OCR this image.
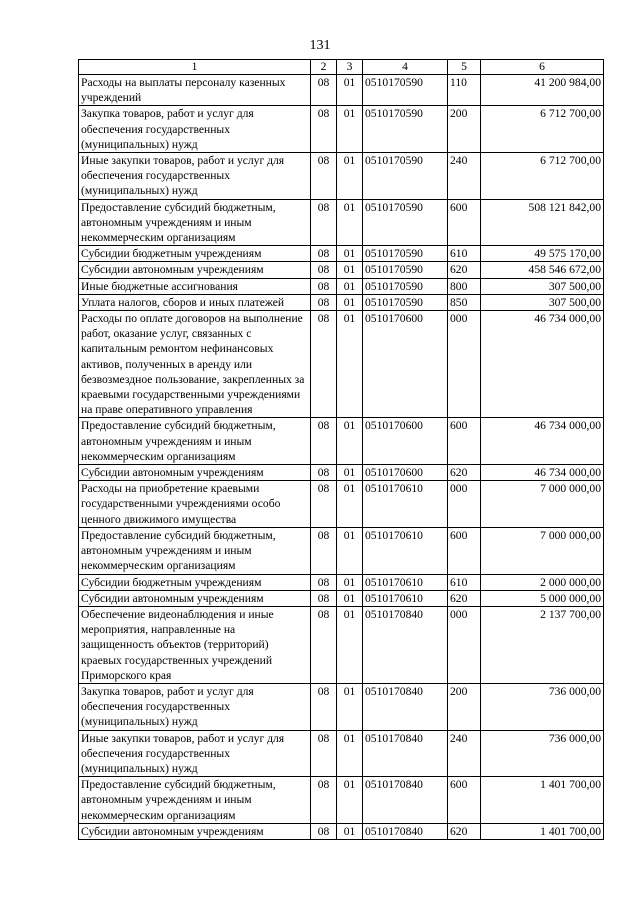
131
1	2	3	4	5	6
Расходы на выплаты персоналу казенных учреждений	08	01	0510170590	110	41 200 984,00
Закупка товаров, работ и услуг для обеспечения государственных (муниципальных) нужд	08	01	0510170590	200	6 712 700,00
Иные закупки товаров, работ и услуг для обеспечения государственных (муниципальных) нужд	08	01	0510170590	240	6 712 700,00
Предоставление субсидий бюджетным, автономным учреждениям и иным некоммерческим организациям	08	01	0510170590	600	508 121 842,00
Субсидии бюджетным учреждениям	08	01	0510170590	610	49 575 170,00
Субсидии автономным учреждениям	08	01	0510170590	620	458 546 672,00
Иные бюджетные ассигнования	08	01	0510170590	800	307 500,00
Уплата налогов, сборов и иных платежей	08	01	0510170590	850	307 500,00
Расходы по оплате договоров на выполнение работ, оказание услуг, связанных с капитальным ремонтом нефинансовых активов, полученных в аренду или безвозмездное пользование, закрепленных за краевыми государственными учреждениями на праве оперативного управления	08	01	0510170600	000	46 734 000,00
Предоставление субсидий бюджетным, автономным учреждениям и иным некоммерческим организациям	08	01	0510170600	600	46 734 000,00
Субсидии автономным учреждениям	08	01	0510170600	620	46 734 000,00
Расходы на приобретение краевыми государственными учреждениями особо ценного движимого имущества	08	01	0510170610	000	7 000 000,00
Предоставление субсидий бюджетным, автономным учреждениям и иным некоммерческим организациям	08	01	0510170610	600	7 000 000,00
Субсидии бюджетным учреждениям	08	01	0510170610	610	2 000 000,00
Субсидии автономным учреждениям	08	01	0510170610	620	5 000 000,00
Обеспечение видеонаблюдения и иные мероприятия, направленные на защищенность объектов (территорий) краевых государственных учреждений Приморского края	08	01	0510170840	000	2 137 700,00
Закупка товаров, работ и услуг для обеспечения государственных (муниципальных) нужд	08	01	0510170840	200	736 000,00
Иные закупки товаров, работ и услуг для обеспечения государственных (муниципальных) нужд	08	01	0510170840	240	736 000,00
Предоставление субсидий бюджетным, автономным учреждениям и иным некоммерческим организациям	08	01	0510170840	600	1 401 700,00
Субсидии автономным учреждениям	08	01	0510170840	620	1 401 700,00
